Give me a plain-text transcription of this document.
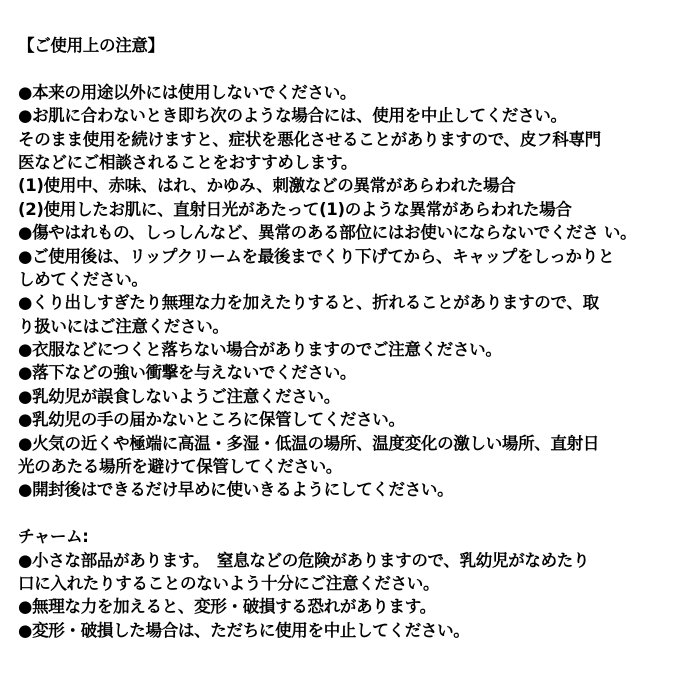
【ご使用上の注意】
●本来の用途以外には使用しないでください。
●お肌に合わないとき即ち次のような場合には、使用を中止してください。
そのまま使用を続けますと、症状を悪化させることがありますので、皮フ科専門
医などにご相談されることをおすすめします。
(1)使用中、赤味、はれ、かゆみ、刺激などの異常があらわれた場合
(2)使用したお肌に、直射日光があたって(1)のような異常があらわれた場合
●傷やはれもの、しっしんなど、異常のある部位にはお使いにならないでくださ い。
●ご使用後は、リップクリームを最後までくり下げてから、キャップをしっかりと
しめてください。
●くり出しすぎたり無理な力を加えたりすると、折れることがありますので、取
り扱いにはご注意ください。
●衣服などにつくと落ちない場合がありますのでご注意ください。
●落下などの強い衝撃を与えないでください。
●乳幼児が誤食しないようご注意ください。
●乳幼児の手の届かないところに保管してください。
●火気の近くや極端に高温・多湿・低温の場所、温度変化の激しい場所、直射日
光のあたる場所を避けて保管してください。
●開封後はできるだけ早めに使いきるようにしてください。
チャーム:
●小さな部品があります。　窒息などの危険がありますので、乳幼児がなめたり
口に入れたりすることのないよう十分にご注意ください。
●無理な力を加えると、変形・破損する恐れがあります。
●変形・破損した場合は、ただちに使用を中止してください。
